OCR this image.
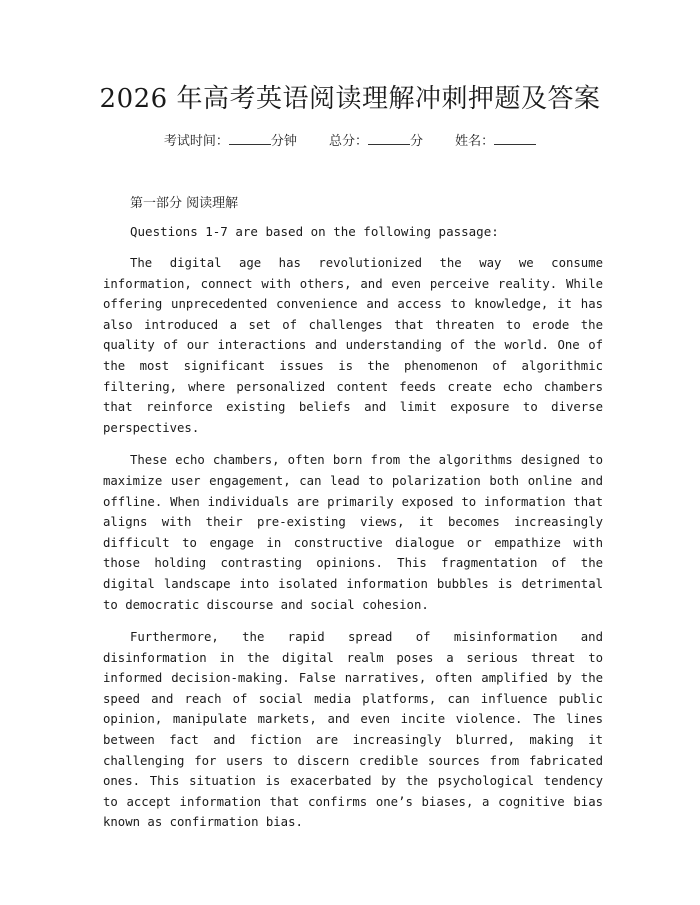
2026 年高考英语阅读理解冲刺押题及答案
考试时间：	分钟 总分：	分 姓名：
第一部分 阅读理解
Questions 1-7 are based on the following passage:

The digital age has revolutionized the way we consume information, connect with others, and even perceive reality. While offering unprecedented convenience and access to knowledge, it has also introduced a set of challenges that threaten to erode the quality of our interactions and understanding of the world. One of the most significant issues is the phenomenon of algorithmic filtering, where personalized content feeds create echo chambers that reinforce existing beliefs and limit exposure to diverse perspectives.

These echo chambers, often born from the algorithms designed to maximize user engagement, can lead to polarization both online and offline. When individuals are primarily exposed to information that aligns with their pre-existing views, it becomes increasingly difficult to engage in constructive dialogue or empathize with those holding contrasting opinions. This fragmentation of the digital landscape into isolated information bubbles is detrimental to democratic discourse and social cohesion.

Furthermore, the rapid spread of misinformation and disinformation in the digital realm poses a serious threat to informed decision-making. False narratives, often amplified by the speed and reach of social media platforms, can influence public opinion, manipulate markets, and even incite violence. The lines between fact and fiction are increasingly blurred, making it challenging for users to discern credible sources from fabricated ones. This situation is exacerbated by the psychological tendency to accept information that confirms one’s biases, a cognitive bias known as confirmation bias.
